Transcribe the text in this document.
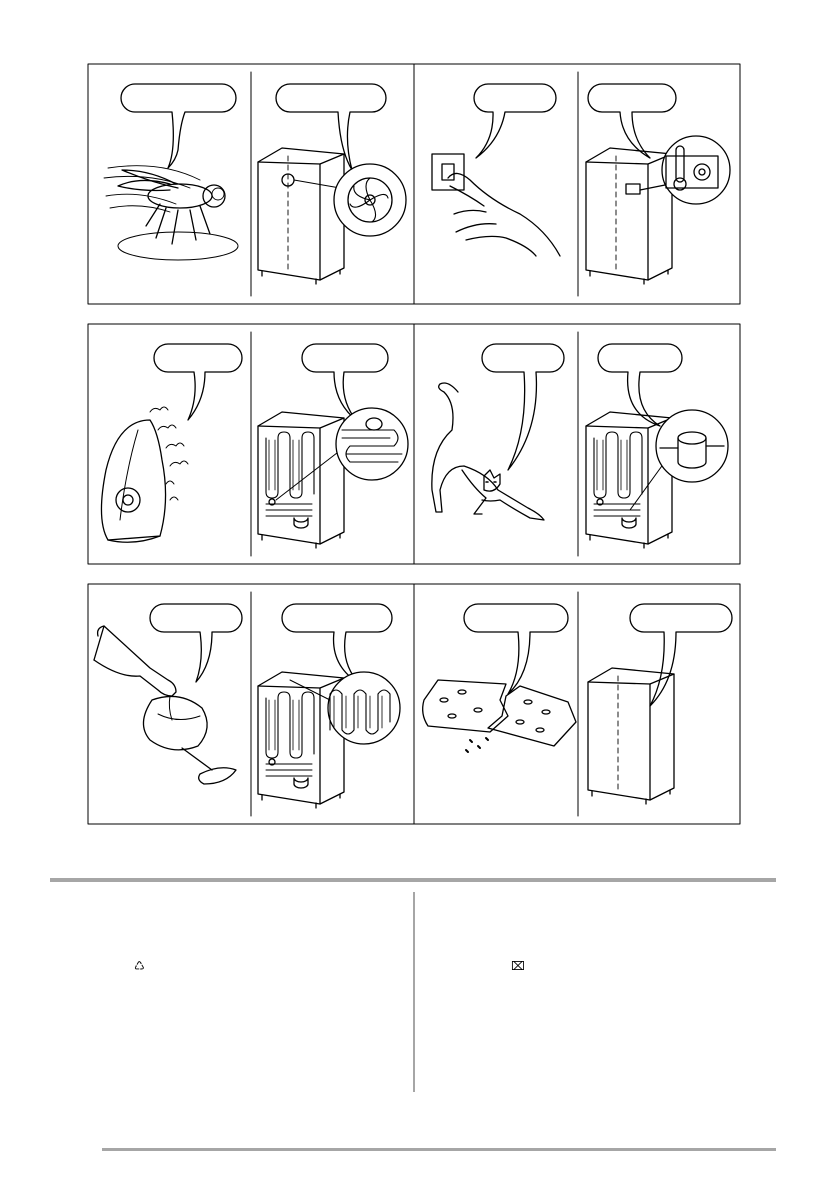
♺	⌧
